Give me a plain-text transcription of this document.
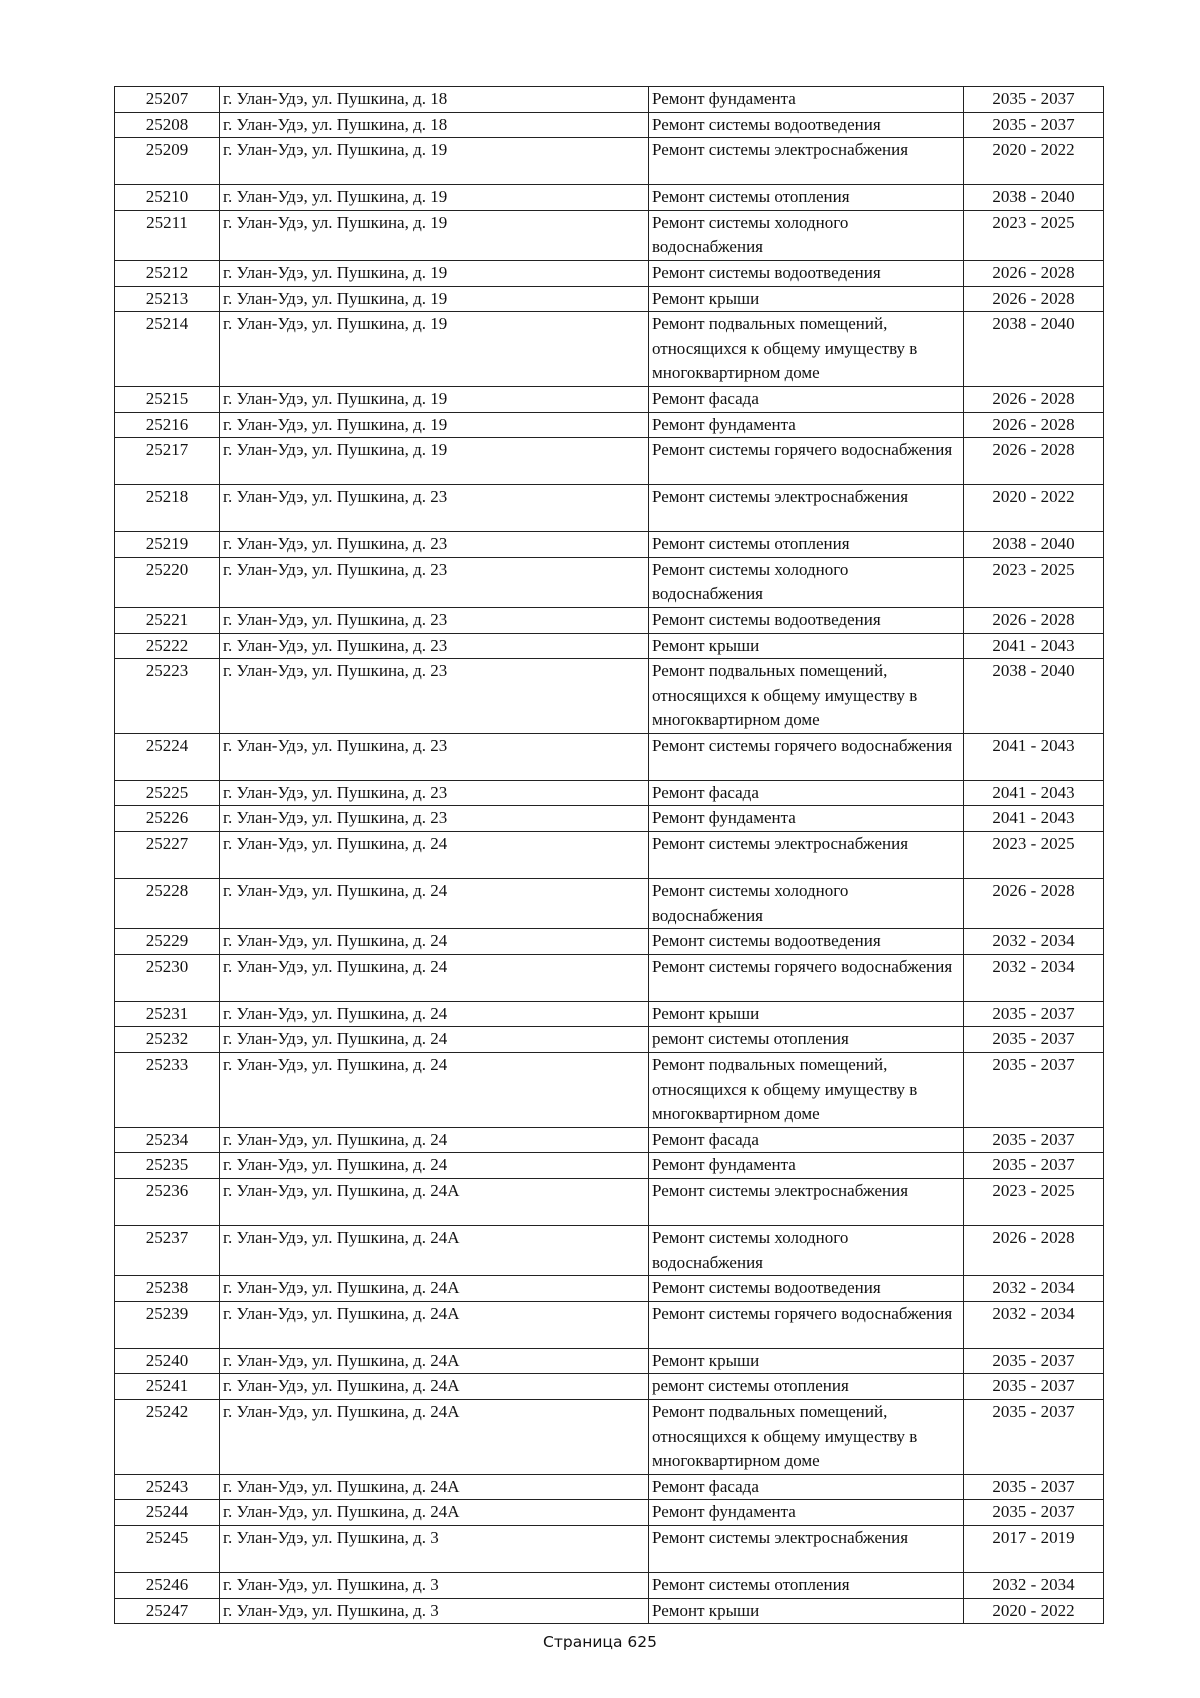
25207	г. Улан-Удэ, ул. Пушкина, д. 18	Ремонт фундамента	2035 - 2037
25208	г. Улан-Удэ, ул. Пушкина, д. 18	Ремонт системы водоотведения	2035 - 2037
25209	г. Улан-Удэ, ул. Пушкина, д. 19	Ремонт системы электроснабжения	2020 - 2022
25210	г. Улан-Удэ, ул. Пушкина, д. 19	Ремонт системы отопления	2038 - 2040
25211	г. Улан-Удэ, ул. Пушкина, д. 19	Ремонт системы холодного водоснабжения	2023 - 2025
25212	г. Улан-Удэ, ул. Пушкина, д. 19	Ремонт системы водоотведения	2026 - 2028
25213	г. Улан-Удэ, ул. Пушкина, д. 19	Ремонт крыши	2026 - 2028
25214	г. Улан-Удэ, ул. Пушкина, д. 19	Ремонт подвальных помещений, относящихся к общему имуществу в многоквартирном доме	2038 - 2040
25215	г. Улан-Удэ, ул. Пушкина, д. 19	Ремонт фасада	2026 - 2028
25216	г. Улан-Удэ, ул. Пушкина, д. 19	Ремонт фундамента	2026 - 2028
25217	г. Улан-Удэ, ул. Пушкина, д. 19	Ремонт системы горячего водоснабжения	2026 - 2028
25218	г. Улан-Удэ, ул. Пушкина, д. 23	Ремонт системы электроснабжения	2020 - 2022
25219	г. Улан-Удэ, ул. Пушкина, д. 23	Ремонт системы отопления	2038 - 2040
25220	г. Улан-Удэ, ул. Пушкина, д. 23	Ремонт системы холодного водоснабжения	2023 - 2025
25221	г. Улан-Удэ, ул. Пушкина, д. 23	Ремонт системы водоотведения	2026 - 2028
25222	г. Улан-Удэ, ул. Пушкина, д. 23	Ремонт крыши	2041 - 2043
25223	г. Улан-Удэ, ул. Пушкина, д. 23	Ремонт подвальных помещений, относящихся к общему имуществу в многоквартирном доме	2038 - 2040
25224	г. Улан-Удэ, ул. Пушкина, д. 23	Ремонт системы горячего водоснабжения	2041 - 2043
25225	г. Улан-Удэ, ул. Пушкина, д. 23	Ремонт фасада	2041 - 2043
25226	г. Улан-Удэ, ул. Пушкина, д. 23	Ремонт фундамента	2041 - 2043
25227	г. Улан-Удэ, ул. Пушкина, д. 24	Ремонт системы электроснабжения	2023 - 2025
25228	г. Улан-Удэ, ул. Пушкина, д. 24	Ремонт системы холодного водоснабжения	2026 - 2028
25229	г. Улан-Удэ, ул. Пушкина, д. 24	Ремонт системы водоотведения	2032 - 2034
25230	г. Улан-Удэ, ул. Пушкина, д. 24	Ремонт системы горячего водоснабжения	2032 - 2034
25231	г. Улан-Удэ, ул. Пушкина, д. 24	Ремонт крыши	2035 - 2037
25232	г. Улан-Удэ, ул. Пушкина, д. 24	ремонт системы отопления	2035 - 2037
25233	г. Улан-Удэ, ул. Пушкина, д. 24	Ремонт подвальных помещений, относящихся к общему имуществу в многоквартирном доме	2035 - 2037
25234	г. Улан-Удэ, ул. Пушкина, д. 24	Ремонт фасада	2035 - 2037
25235	г. Улан-Удэ, ул. Пушкина, д. 24	Ремонт фундамента	2035 - 2037
25236	г. Улан-Удэ, ул. Пушкина, д. 24А	Ремонт системы электроснабжения	2023 - 2025
25237	г. Улан-Удэ, ул. Пушкина, д. 24А	Ремонт системы холодного водоснабжения	2026 - 2028
25238	г. Улан-Удэ, ул. Пушкина, д. 24А	Ремонт системы водоотведения	2032 - 2034
25239	г. Улан-Удэ, ул. Пушкина, д. 24А	Ремонт системы горячего водоснабжения	2032 - 2034
25240	г. Улан-Удэ, ул. Пушкина, д. 24А	Ремонт крыши	2035 - 2037
25241	г. Улан-Удэ, ул. Пушкина, д. 24А	ремонт системы отопления	2035 - 2037
25242	г. Улан-Удэ, ул. Пушкина, д. 24А	Ремонт подвальных помещений, относящихся к общему имуществу в многоквартирном доме	2035 - 2037
25243	г. Улан-Удэ, ул. Пушкина, д. 24А	Ремонт фасада	2035 - 2037
25244	г. Улан-Удэ, ул. Пушкина, д. 24А	Ремонт фундамента	2035 - 2037
25245	г. Улан-Удэ, ул. Пушкина, д. 3	Ремонт системы электроснабжения	2017 - 2019
25246	г. Улан-Удэ, ул. Пушкина, д. 3	Ремонт системы отопления	2032 - 2034
25247	г. Улан-Удэ, ул. Пушкина, д. 3	Ремонт крыши	2020 - 2022
Страница 625
